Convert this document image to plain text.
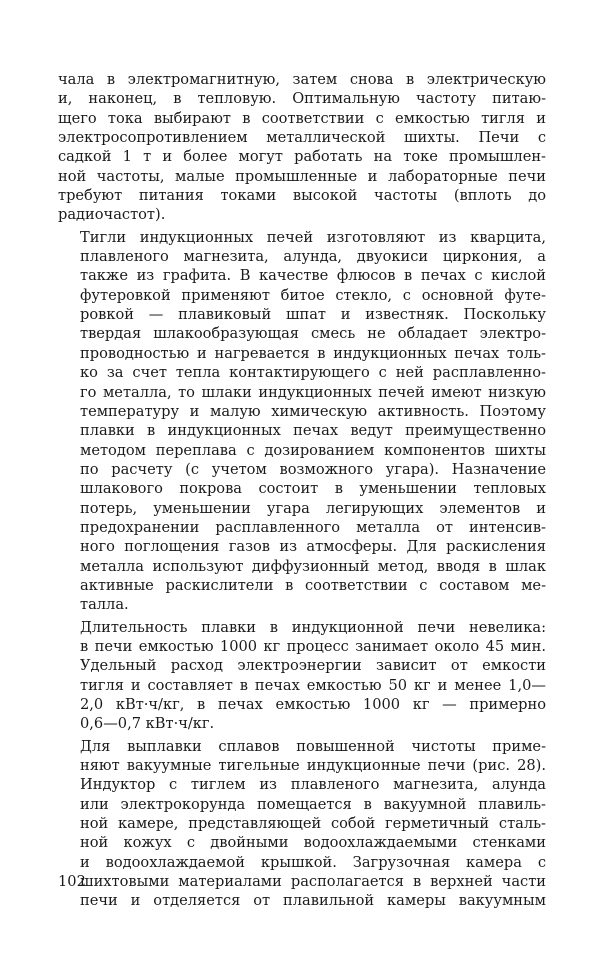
чала в электромагнитную, затем снова в электрическую
и, наконец, в тепловую. Оптимальную частоту питаю-
щего тока выбирают в соответствии с емкостью тигля и
электросопротивлением металлической шихты. Печи с
садкой 1 т и более могут работать на токе промышлен-
ной частоты, малые промышленные и лабораторные печи
требуют питания токами высокой частоты (вплоть до
радиочастот).

Тигли индукционных печей изготовляют из кварцита,
плавленого магнезита, алунда, двуокиси циркония, а
также из графита. В качестве флюсов в печах с кислой
футеровкой применяют битое стекло, с основной футе-
ровкой — плавиковый шпат и известняк. Поскольку
твердая шлакообразующая смесь не обладает электро-
проводностью и нагревается в индукционных печах толь-
ко за счет тепла контактирующего с ней расплавленно-
го металла, то шлаки индукционных печей имеют низкую
температуру и малую химическую активность. Поэтому
плавки в индукционных печах ведут преимущественно
методом переплава с дозированием компонентов шихты
по расчету (с учетом возможного угара). Назначение
шлакового покрова состоит в уменьшении тепловых
потерь, уменьшении угара легирующих элементов и
предохранении расплавленного металла от интенсив-
ного поглощения газов из атмосферы. Для раскисления
металла используют диффузионный метод, вводя в шлак
активные раскислители в соответствии с составом ме-
талла.

Длительность плавки в индукционной печи невелика:
в печи емкостью 1000 кг процесс занимает около 45 мин.
Удельный расход электроэнергии зависит от емкости
тигля и составляет в печах емкостью 50 кг и менее 1,0—
2,0 кВт·ч/кг, в печах емкостью 1000 кг — примерно
0,6—0,7 кВт·ч/кг.

Для выплавки сплавов повышенной чистоты приме-
няют вакуумные тигельные индукционные печи (рис. 28).
Индуктор с тиглем из плавленого магнезита, алунда
или электрокорунда помещается в вакуумной плавиль-
ной камере, представляющей собой герметичный сталь-
ной кожух с двойными водоохлаждаемыми стенками
и водоохлаждаемой крышкой. Загрузочная камера с
шихтовыми материалами располагается в верхней части
печи и отделяется от плавильной камеры вакуумным

102
